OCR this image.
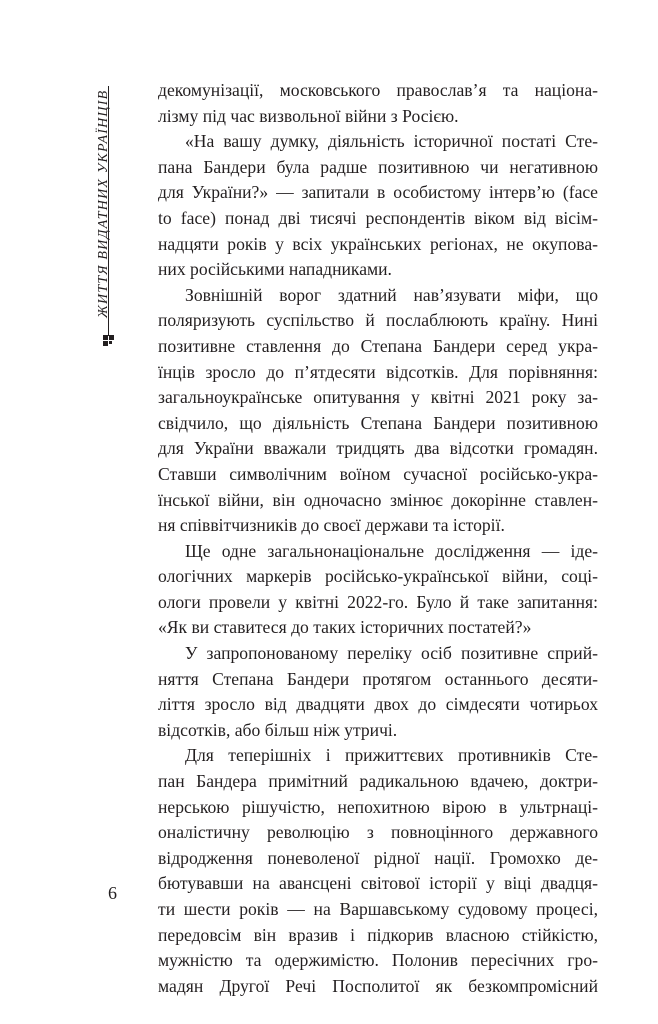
ЖИТТЯ ВИДАТНИХ УКРАЇНЦІВ	декомунізації, московського православ’я та націона-
лізму під час визвольної війни з Росією.
«На вашу думку, діяльність історичної постаті Сте-
пана Бандери була радше позитивною чи негативною
для України?» — запитали в особистому інтерв’ю (face
to face) понад дві тисячі респондентів віком від вісім-
надцяти років у всіх українських регіонах, не окупова-
них російськими нападниками.
Зовнішній ворог здатний нав’язувати міфи, що
поляризують суспільство й послаблюють країну. Нині
позитивне ставлення до Степана Бандери серед укра-
їнців зросло до п’ятдесяти відсотків. Для порівняння:
загальноукраїнське опитування у квітні 2021 року за-
свідчило, що діяльність Степана Бандери позитивною
для України вважали тридцять два відсотки громадян.
Ставши символічним воїном сучасної російсько-укра-
їнської війни, він одночасно змінює докорінне ставлен-
ня співвітчизників до своєї держави та історії.
Ще одне загальнонаціональне дослідження — іде-
ологічних маркерів російсько-української війни, соці-
ологи провели у квітні 2022-го. Було й таке запитання:
«Як ви ставитеся до таких історичних постатей?»
У запропонованому переліку осіб позитивне сприй-
няття Степана Бандери протягом останнього десяти-
ліття зросло від двадцяти двох до сімдесяти чотирьох
відсотків, або більш ніж утричі.
Для теперішніх і прижиттєвих противників Сте-
пан Бандера примітний радикальною вдачею, доктри-
нерською рішучістю, непохитною вірою в ультрнаці-
оналістичну революцію з повноцінного державного
відродження поневоленої рідної нації. Громохко де-
бютувавши на авансцені світової історії у віці двадця-
ти шести років — на Варшавському судовому процесі,
передовсім він вразив і підкорив власною стійкістю,
мужністю та одержимістю. Полонив пересічних гро-
мадян Другої Речі Посполитої як безкомпромісний
6
